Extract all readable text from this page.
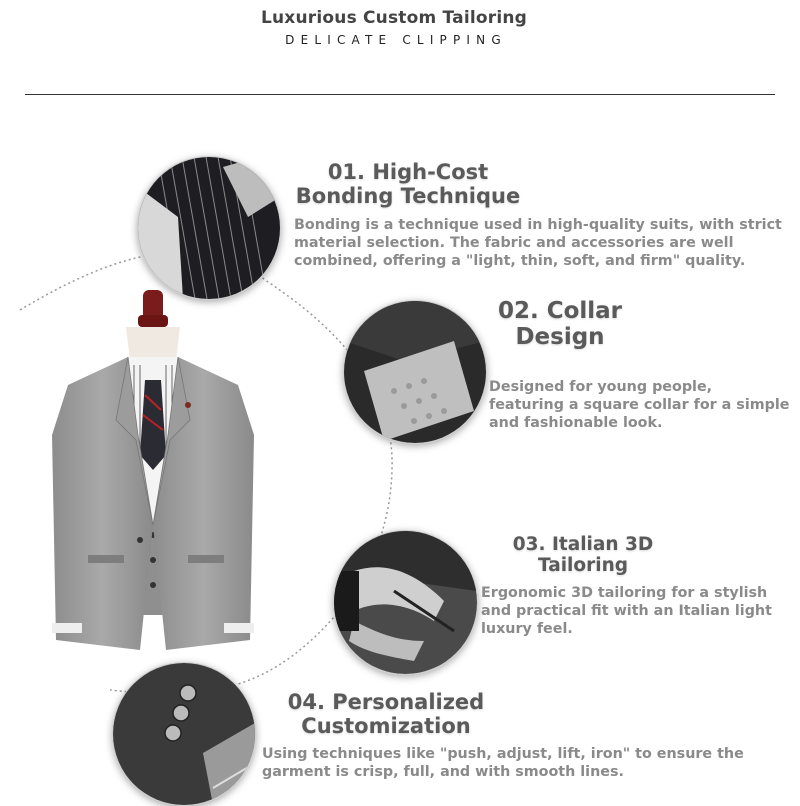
Luxurious Custom Tailoring
DELICATE CLIPPING
01. High-Cost
Bonding Technique
Bonding is a technique used in high-quality suits, with strict
material selection. The fabric and accessories are well
combined, offering a "light, thin, soft, and firm" quality.
02. Collar
Design
Designed for young people,
featuring a square collar for a simple
and fashionable look.
03. Italian 3D
Tailoring
Ergonomic 3D tailoring for a stylish
and practical fit with an Italian light
luxury feel.
04. Personalized
Customization
Using techniques like "push, adjust, lift, iron" to ensure the
garment is crisp, full, and with smooth lines.
